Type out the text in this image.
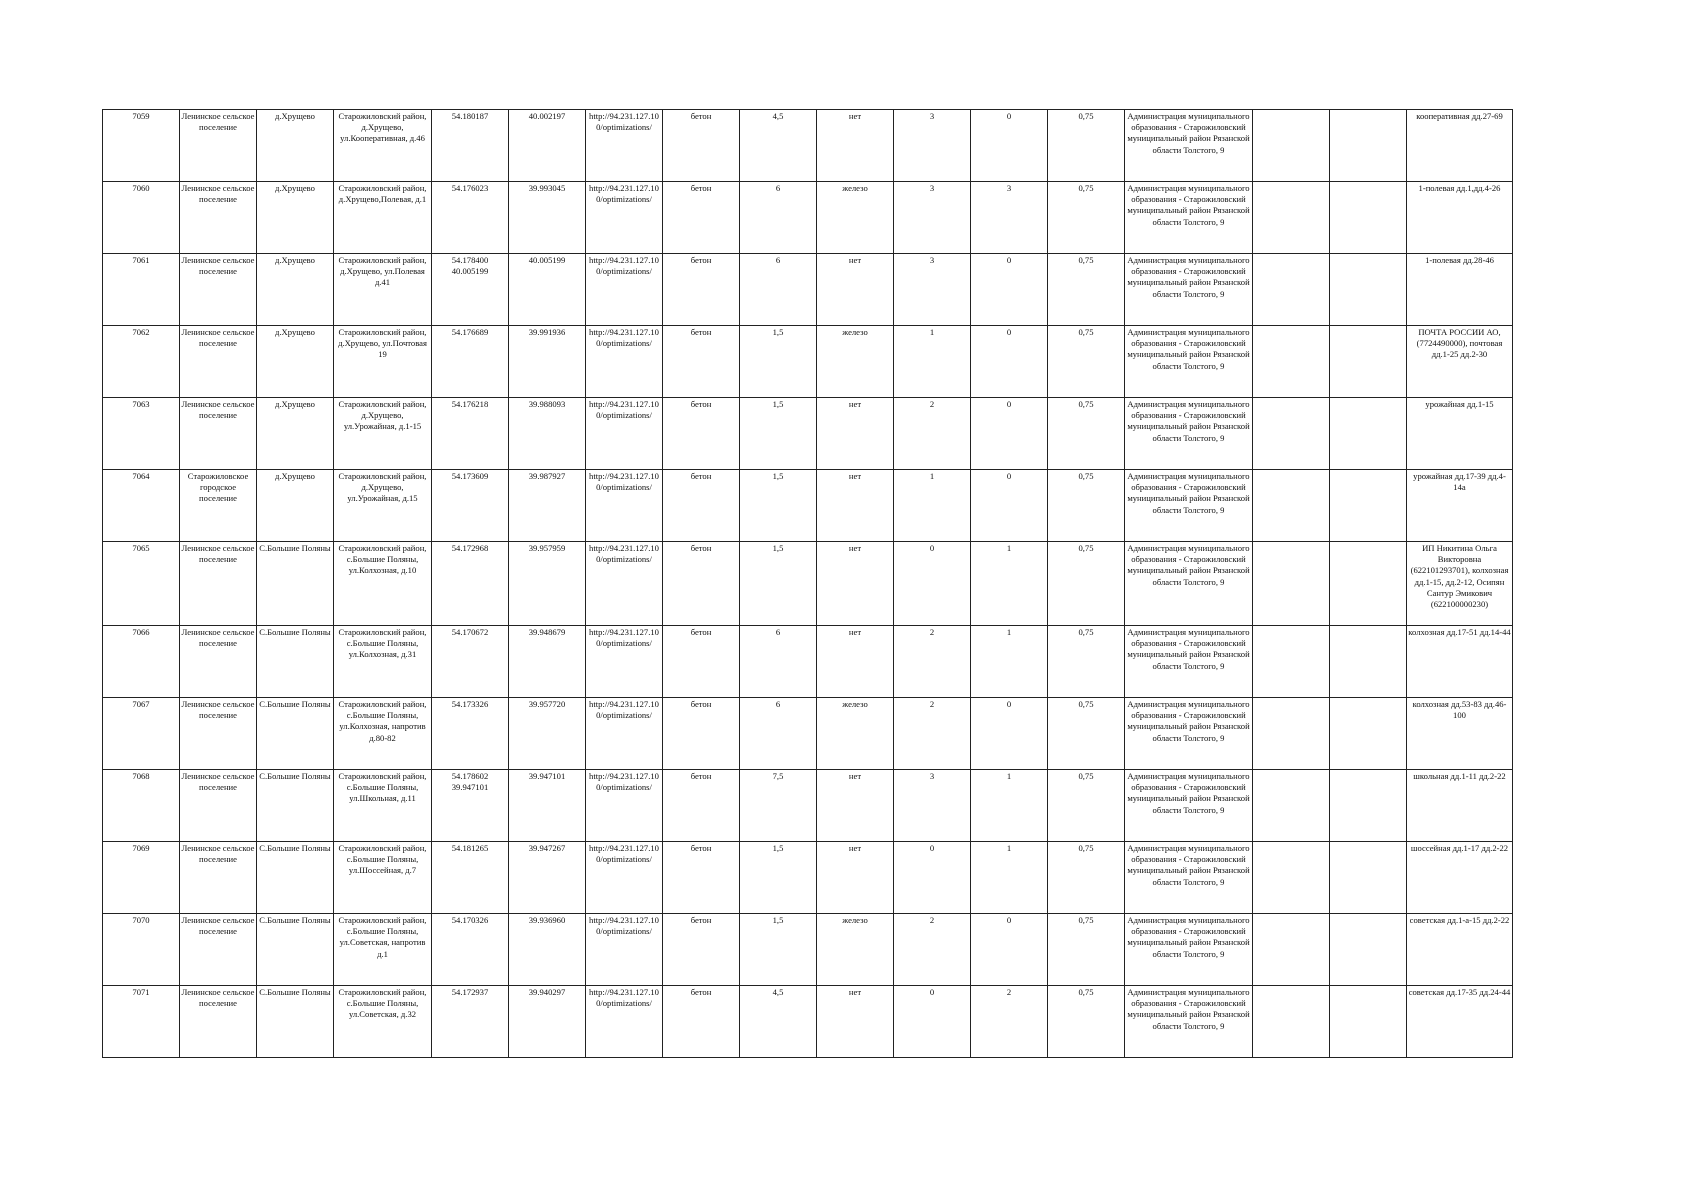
7059	Ленинское сельское поселение	д.Хрущево	Старожиловский район, д.Хрущево, ул.Кооперативная, д.46	54.180187	40.002197	http://94.231.127.100/optimizations/	бетон	4,5	нет	3	0	0,75	Администрация муниципального образования - Старожиловский муниципальный район Рязанской области Толстого, 9			кооперативная дд.27-69
7060	Ленинское сельское поселение	д.Хрущево	Старожиловский район, д.Хрущево,Полевая, д.1	54.176023	39.993045	http://94.231.127.100/optimizations/	бетон	6	железо	3	3	0,75	Администрация муниципального образования - Старожиловский муниципальный район Рязанской области Толстого, 9			1-полевая дд.1,дд.4-26
7061	Ленинское сельское поселение	д.Хрущево	Старожиловский район, д.Хрущево, ул.Полевая д.41	54.178400 40.005199	40.005199	http://94.231.127.100/optimizations/	бетон	6	нет	3	0	0,75	Администрация муниципального образования - Старожиловский муниципальный район Рязанской области Толстого, 9			1-полевая дд.28-46
7062	Ленинское сельское поселение	д.Хрущево	Старожиловский район, д.Хрущево, ул.Почтовая 19	54.176689	39.991936	http://94.231.127.100/optimizations/	бетон	1,5	железо	1	0	0,75	Администрация муниципального образования - Старожиловский муниципальный район Рязанской области Толстого, 9			ПОЧТА РОССИИ АО, (7724490000), почтовая дд.1-25 дд.2-30
7063	Ленинское сельское поселение	д.Хрущево	Старожиловский район, д.Хрущево, ул.Урожайная, д.1-15	54.176218	39.988093	http://94.231.127.100/optimizations/	бетон	1,5	нет	2	0	0,75	Администрация муниципального образования - Старожиловский муниципальный район Рязанской области Толстого, 9			урожайная дд.1-15
7064	Старожиловское городское поселение	д.Хрущево	Старожиловский район, д.Хрущево, ул.Урожайная, д.15	54.173609	39.987927	http://94.231.127.100/optimizations/	бетон	1,5	нет	1	0	0,75	Администрация муниципального образования - Старожиловский муниципальный район Рязанской области Толстого, 9			урожайная дд.17-39 дд.4-14а
7065	Ленинское сельское поселение	С.Большие Поляны	Старожиловский район, с.Большие Поляны, ул.Колхозная, д.10	54.172968	39.957959	http://94.231.127.100/optimizations/	бетон	1,5	нет	0	1	0,75	Администрация муниципального образования - Старожиловский муниципальный район Рязанской области Толстого, 9			ИП Никитина Ольга Викторовна (622101293701), колхозная дд.1-15, дд.2-12, Осипян Сантур Эмикович (622100000230)
7066	Ленинское сельское поселение	С.Большие Поляны	Старожиловский район, с.Большие Поляны, ул.Колхозная, д.31	54.170672	39.948679	http://94.231.127.100/optimizations/	бетон	6	нет	2	1	0,75	Администрация муниципального образования - Старожиловский муниципальный район Рязанской области Толстого, 9			колхозная дд.17-51 дд.14-44
7067	Ленинское сельское поселение	С.Большие Поляны	Старожиловский район, с.Большие Поляны, ул.Колхозная, напротив д.80-82	54.173326	39.957720	http://94.231.127.100/optimizations/	бетон	6	железо	2	0	0,75	Администрация муниципального образования - Старожиловский муниципальный район Рязанской области Толстого, 9			колхозная дд.53-83 дд.46-100
7068	Ленинское сельское поселение	С.Большие Поляны	Старожиловский район, с.Большие Поляны, ул.Школьная, д.11	54.178602 39.947101	39.947101	http://94.231.127.100/optimizations/	бетон	7,5	нет	3	1	0,75	Администрация муниципального образования - Старожиловский муниципальный район Рязанской области Толстого, 9			школьная дд.1-11 дд.2-22
7069	Ленинское сельское поселение	С.Большие Поляны	Старожиловский район, с.Большие Поляны, ул.Шоссейная, д.7	54.181265	39.947267	http://94.231.127.100/optimizations/	бетон	1,5	нет	0	1	0,75	Администрация муниципального образования - Старожиловский муниципальный район Рязанской области Толстого, 9			шоссейная дд.1-17 дд.2-22
7070	Ленинское сельское поселение	С.Большие Поляны	Старожиловский район, с.Большие Поляны, ул.Советская, напротив д.1	54.170326	39.936960	http://94.231.127.100/optimizations/	бетон	1,5	железо	2	0	0,75	Администрация муниципального образования - Старожиловский муниципальный район Рязанской области Толстого, 9			советская дд.1-а-15 дд.2-22
7071	Ленинское сельское поселение	С.Большие Поляны	Старожиловский район, с.Большие Поляны, ул.Советская, д.32	54.172937	39.940297	http://94.231.127.100/optimizations/	бетон	4,5	нет	0	2	0,75	Администрация муниципального образования - Старожиловский муниципальный район Рязанской области Толстого, 9			советская дд.17-35 дд.24-44
